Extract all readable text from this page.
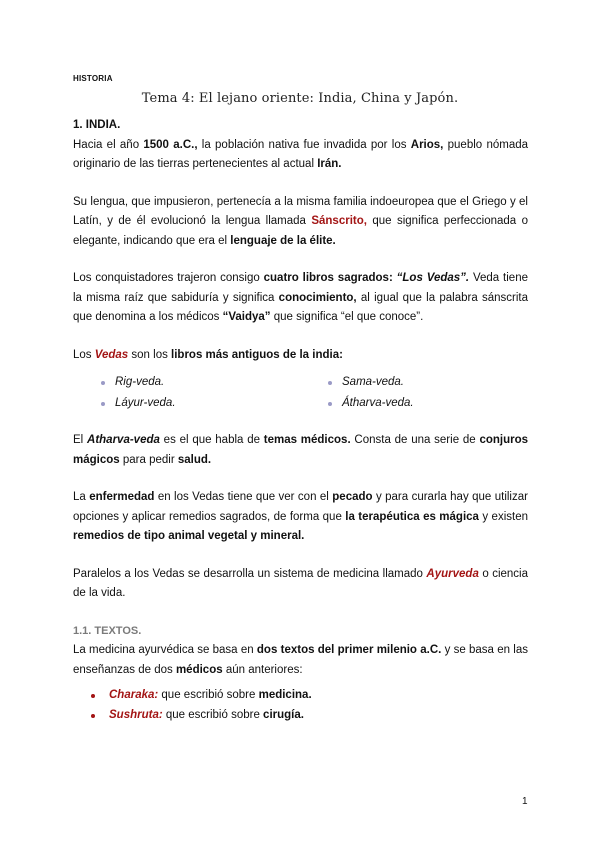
HISTORIA
Tema 4: El lejano oriente: India, China y Japón.

1. INDIA.

Hacia el año 1500 a.C., la población nativa fue invadida por los Arios, pueblo nómada originario de las tierras pertenecientes al actual Irán.

Su lengua, que impusieron, pertenecía a la misma familia indoeuropea que el Griego y el Latín, y de él evolucionó la lengua llamada Sánscrito, que significa perfeccionada o elegante, indicando que era el lenguaje de la élite.

Los conquistadores trajeron consigo cuatro libros sagrados: “Los Vedas”. Veda tiene la misma raíz que sabiduría y significa conocimiento, al igual que la palabra sánscrita que denomina a los médicos “Vaidya” que significa “el que conoce”.

Los Vedas son los libros más antiguos de la india:

Rig-veda.	Sama-veda.
Láyur-veda.	Átharva-veda.

El Atharva-veda es el que habla de temas médicos. Consta de una serie de conjuros mágicos para pedir salud.

La enfermedad en los Vedas tiene que ver con el pecado y para curarla hay que utilizar opciones y aplicar remedios sagrados, de forma que la terapéutica es mágica y existen remedios de tipo animal vegetal y mineral.

Paralelos a los Vedas se desarrolla un sistema de medicina llamado Ayurveda o ciencia de la vida.

1.1. TEXTOS.

La medicina ayurvédica se basa en dos textos del primer milenio a.C. y se basa en las enseñanzas de dos médicos aún anteriores:

Charaka: que escribió sobre medicina.
Sushruta: que escribió sobre cirugía.
1
